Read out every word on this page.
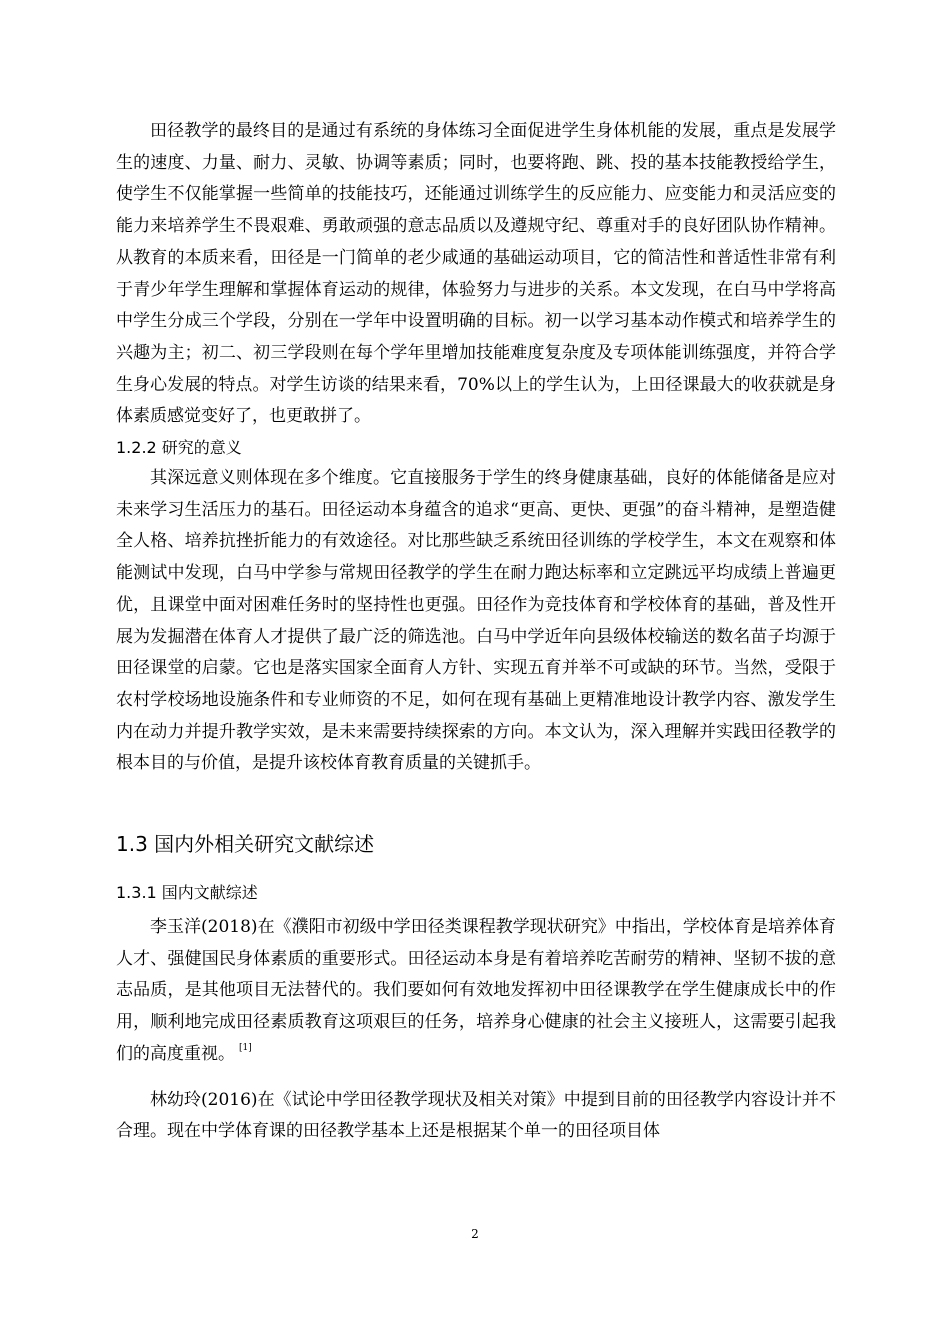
田径教学的最终目的是通过有系统的身体练习全面促进学生身体机能的发展，重点是发展学生的速度、力量、耐力、灵敏、协调等素质；同时，也要将跑、跳、投的基本技能教授给学生，使学生不仅能掌握一些简单的技能技巧，还能通过训练学生的反应能力、应变能力和灵活应变的能力来培养学生不畏艰难、勇敢顽强的意志品质以及遵规守纪、尊重对手的良好团队协作精神。从教育的本质来看，田径是一门简单的老少咸通的基础运动项目，它的简洁性和普适性非常有利于青少年学生理解和掌握体育运动的规律，体验努力与进步的关系。本文发现，在白马中学将高中学生分成三个学段，分别在一学年中设置明确的目标。初一以学习基本动作模式和培养学生的兴趣为主；初二、初三学段则在每个学年里增加技能难度复杂度及专项体能训练强度，并符合学生身心发展的特点。对学生访谈的结果来看，70%以上的学生认为，上田径课最大的收获就是身体素质感觉变好了，也更敢拼了。

1.2.2 研究的意义

其深远意义则体现在多个维度。它直接服务于学生的终身健康基础，良好的体能储备是应对未来学习生活压力的基石。田径运动本身蕴含的追求“更高、更快、更强”的奋斗精神，是塑造健全人格、培养抗挫折能力的有效途径。对比那些缺乏系统田径训练的学校学生，本文在观察和体能测试中发现，白马中学参与常规田径教学的学生在耐力跑达标率和立定跳远平均成绩上普遍更优，且课堂中面对困难任务时的坚持性也更强。田径作为竞技体育和学校体育的基础，普及性开展为发掘潜在体育人才提供了最广泛的筛选池。白马中学近年向县级体校输送的数名苗子均源于田径课堂的启蒙。它也是落实国家全面育人方针、实现五育并举不可或缺的环节。当然，受限于农村学校场地设施条件和专业师资的不足，如何在现有基础上更精准地设计教学内容、激发学生内在动力并提升教学实效，是未来需要持续探索的方向。本文认为，深入理解并实践田径教学的根本目的与价值，是提升该校体育教育质量的关键抓手。

1.3 国内外相关研究文献综述
1.3.1 国内文献综述

李玉洋(2018)在《濮阳市初级中学田径类课程教学现状研究》中指出，学校体育是培养体育人才、强健国民身体素质的重要形式。田径运动本身是有着培养吃苦耐劳的精神、坚韧不拔的意志品质，是其他项目无法替代的。我们要如何有效地发挥初中田径课教学在学生健康成长中的作用，顺利地完成田径素质教育这项艰巨的任务，培养身心健康的社会主义接班人，这需要引起我们的高度重视。 [1]

林幼玲(2016)在《试论中学田径教学现状及相关对策》中提到目前的田径教学内容设计并不合理。现在中学体育课的田径教学基本上还是根据某个单一的田径项目体

2
